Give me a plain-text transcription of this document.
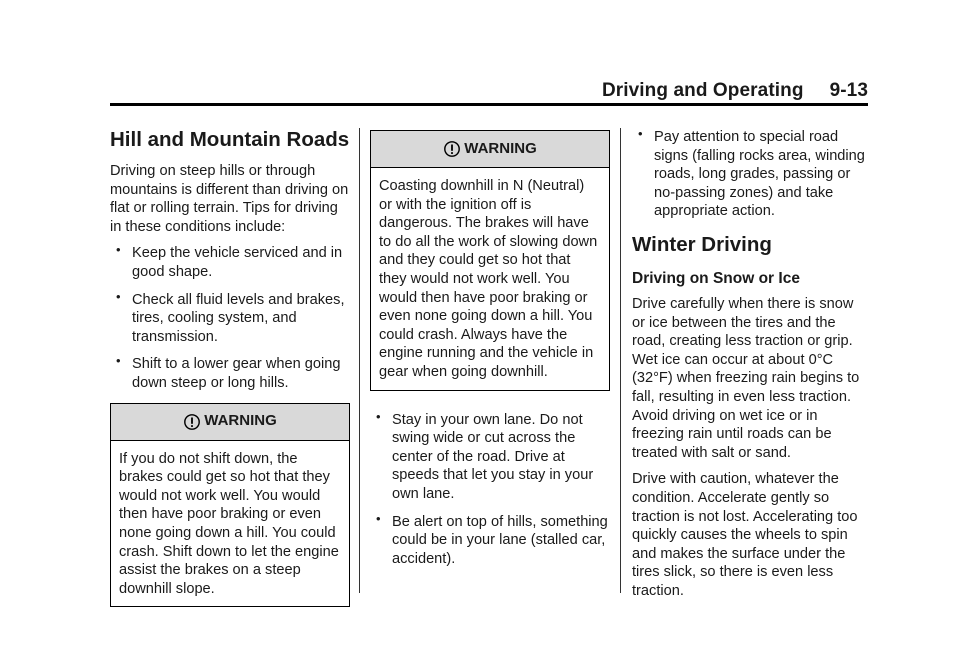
Driving and Operating 9-13
Hill and Mountain Roads

Driving on steep hills or through mountains is different than driving on flat or rolling terrain. Tips for driving in these conditions include:

• Keep the vehicle serviced and in good shape.
• Check all fluid levels and brakes, tires, cooling system, and transmission.
• Shift to a lower gear when going down steep or long hills.
WARNING
If you do not shift down, the brakes could get so hot that they would not work well. You would then have poor braking or even none going down a hill. You could crash. Shift down to let the engine assist the brakes on a steep downhill slope.
WARNING
Coasting downhill in N (Neutral) or with the ignition off is dangerous. The brakes will have to do all the work of slowing down and they could get so hot that they would not work well. You would then have poor braking or even none going down a hill. You could crash. Always have the engine running and the vehicle in gear when going downhill.
• Stay in your own lane. Do not swing wide or cut across the center of the road. Drive at speeds that let you stay in your own lane.
• Be alert on top of hills, something could be in your lane (stalled car, accident).
• Pay attention to special road signs (falling rocks area, winding roads, long grades, passing or no-passing zones) and take appropriate action.
Winter Driving
Driving on Snow or Ice

Drive carefully when there is snow or ice between the tires and the road, creating less traction or grip. Wet ice can occur at about 0°C (32°F) when freezing rain begins to fall, resulting in even less traction. Avoid driving on wet ice or in freezing rain until roads can be treated with salt or sand.

Drive with caution, whatever the condition. Accelerate gently so traction is not lost. Accelerating too quickly causes the wheels to spin and makes the surface under the tires slick, so there is even less traction.
